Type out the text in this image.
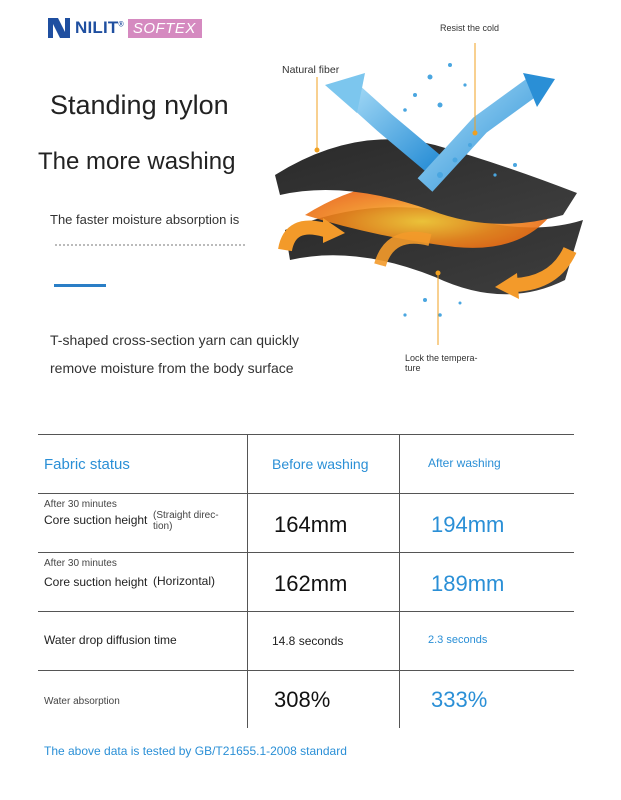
NILIT® SOFTEX
Standing nylon
The more washing
The faster moisture absorption is
T-shaped cross-section yarn can quickly
remove moisture from the body surface
Resist the cold
Natural fiber
Lock the tempera-
ture
Fabric status	Before washing	After washing
After 30 minutes
Core suction height (Straight direc-
tion)	164mm	194mm
After 30 minutes
Core suction height (Horizontal)	162mm	189mm
Water drop diffusion time	14.8 seconds	2.3 seconds
Water absorption	308%	333%
The above data is tested by GB/T21655.1-2008 standard
